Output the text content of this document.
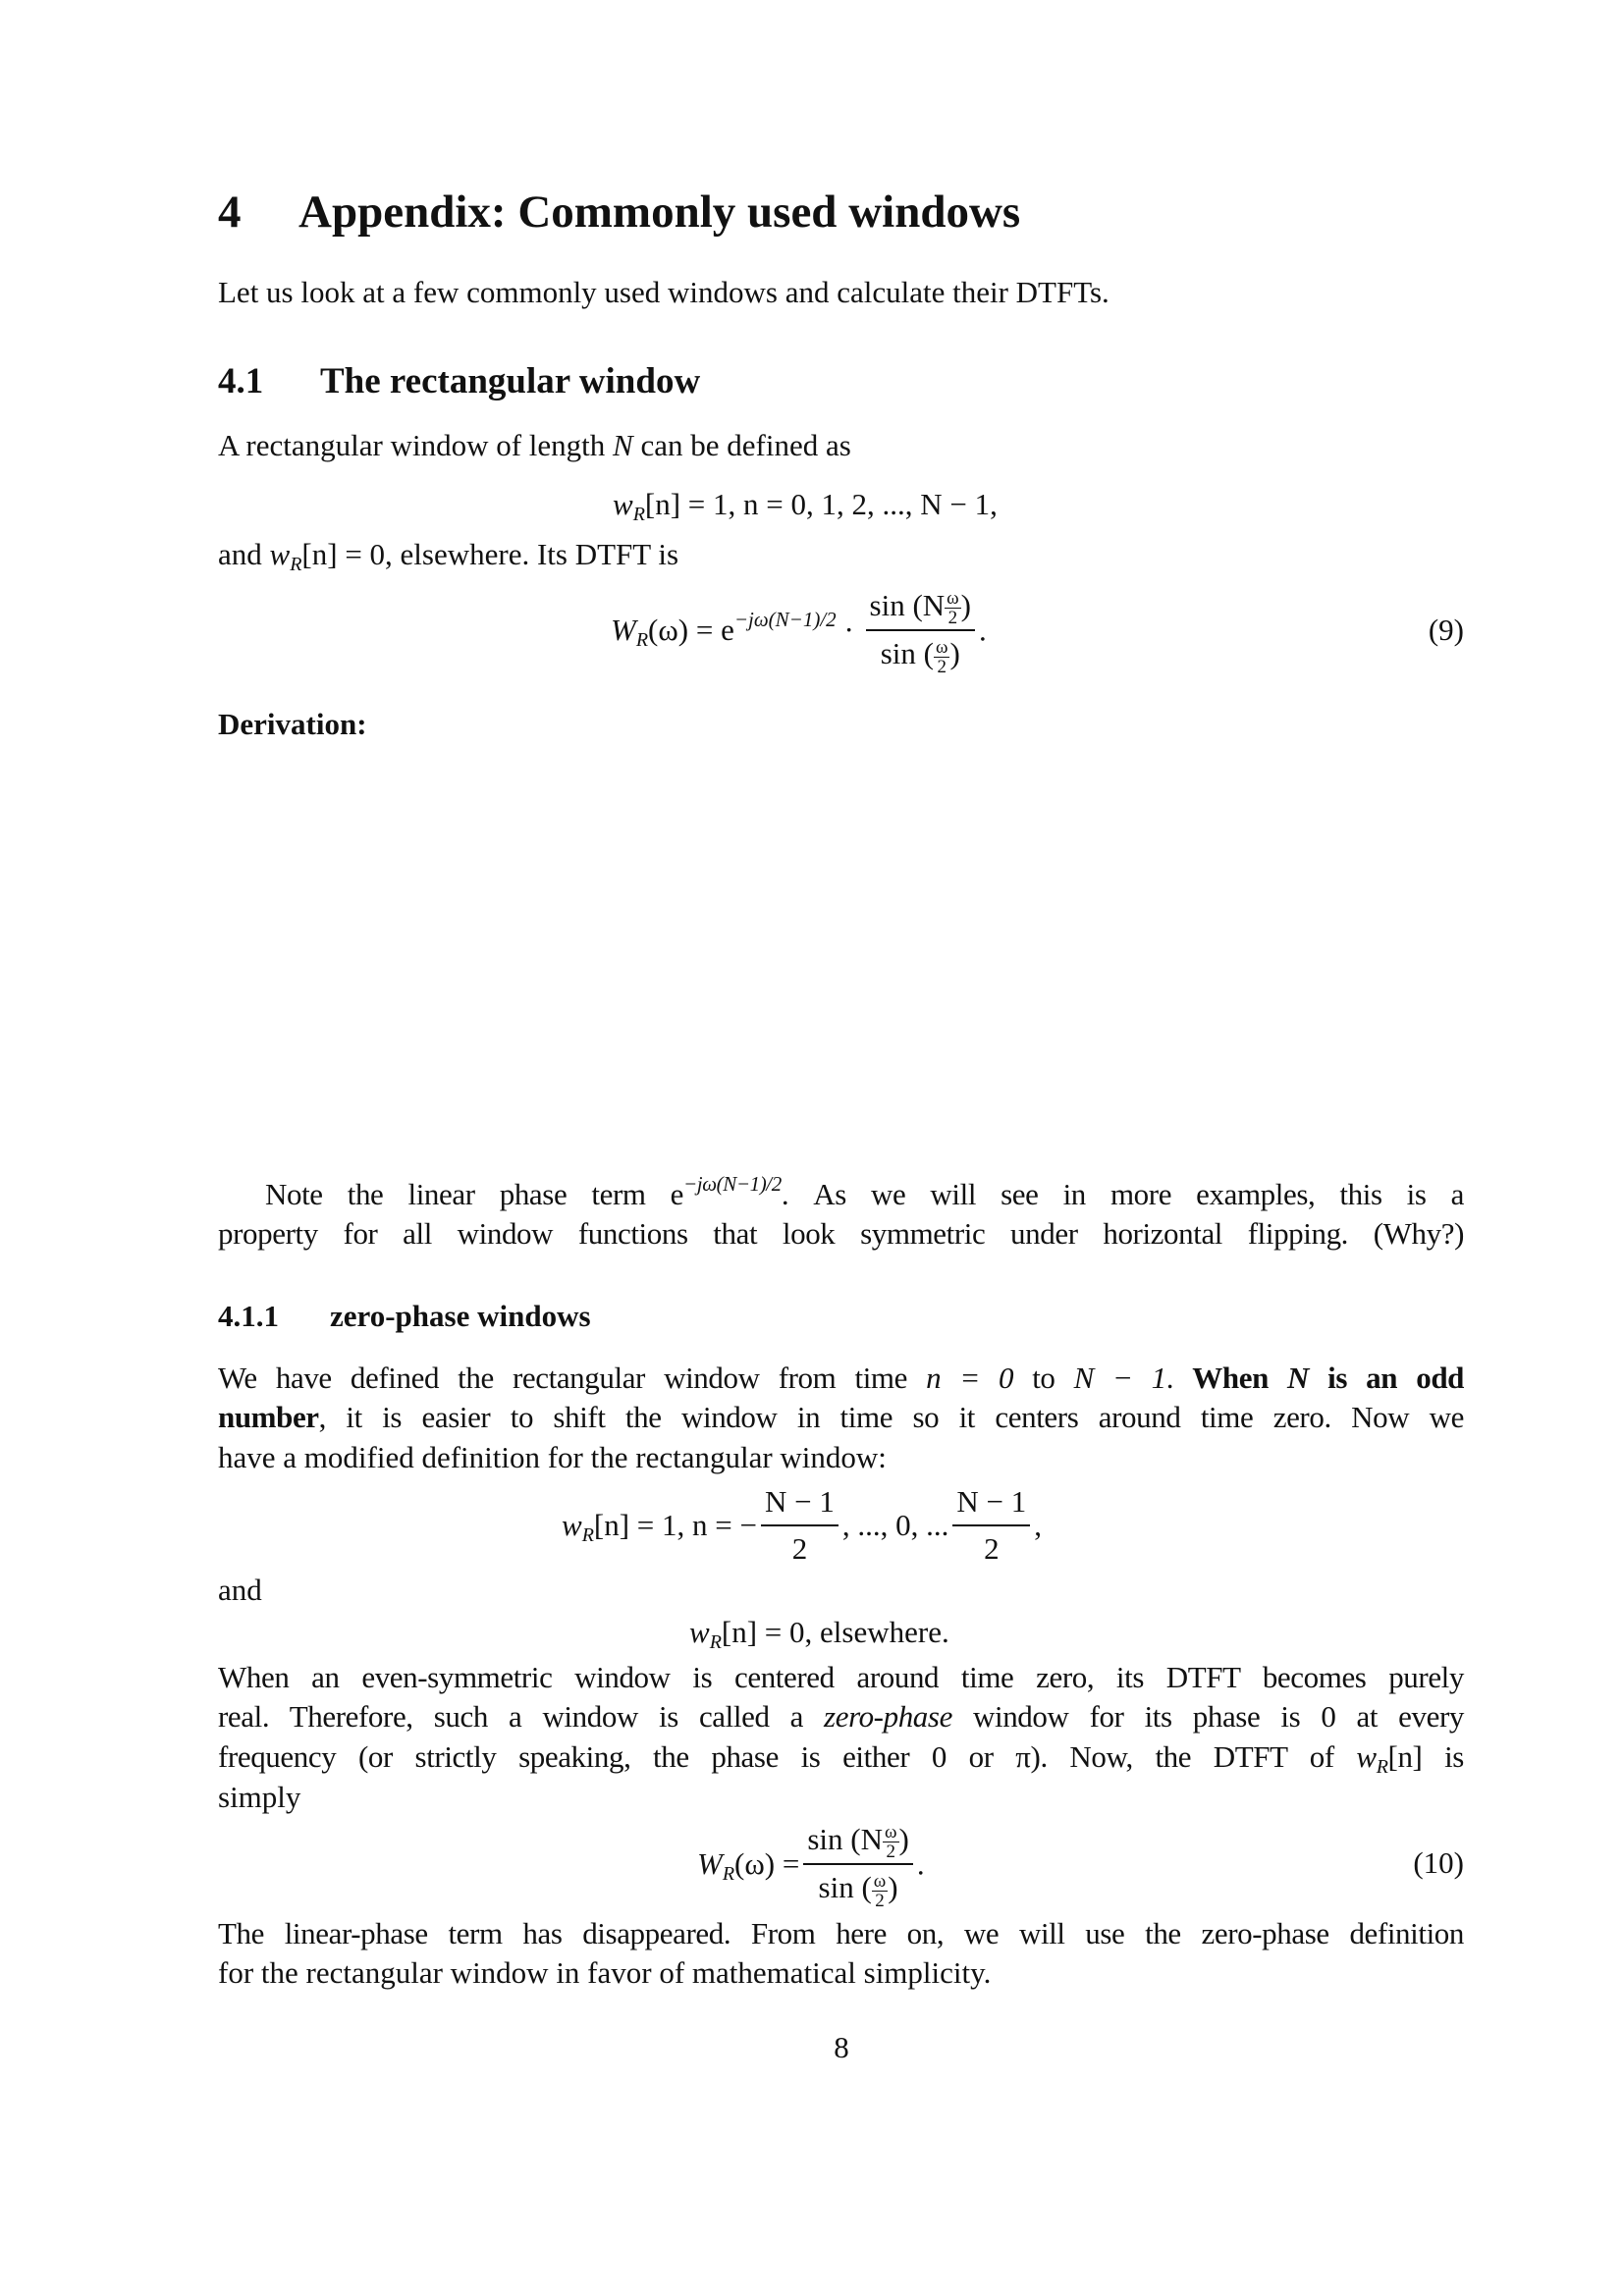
4 Appendix: Commonly used windows
Let us look at a few commonly used windows and calculate their DTFTs.
4.1 The rectangular window
A rectangular window of length N can be defined as
$w_R[n] = 1$, n = 0, 1, 2, ..., N − 1,
and $w_R[n] = 0$, elsewhere. Its DTFT is
$W_R(\omega) = e^{-j\omega(N-1)/2} \cdot \frac{\sin (N \frac{\omega}{2} )}{\sin ( \frac{\omega}{2} )}$ .	(9)
Derivation:
Note the linear phase term $e^{-j\omega(N-1)/2}$. As we will see in more examples, this is a
property for all window functions that look symmetric under horizontal flipping. (Why?)
4.1.1 zero-phase windows
We have defined the rectangular window from time n = 0 to N − 1. When N is an odd
number, it is easier to shift the window in time so it centers around time zero. Now we
have a modified definition for the rectangular window:
$w_R[n] = 1$, n = − $\frac{N - 1}{2}$ , ..., 0, ... $\frac{N - 1}{2}$ ,
and
$w_R[n] = 0$, elsewhere.
When an even-symmetric window is centered around time zero, its DTFT becomes purely
real. Therefore, such a window is called a zero-phase window for its phase is 0 at every
frequency (or strictly speaking, the phase is either 0 or π). Now, the DTFT of $w_R[n]$ is
simply
$W_R(\omega) = \frac{\sin (N \frac{\omega}{2} )}{\sin ( \frac{\omega}{2} )}$ .	(10)
The linear-phase term has disappeared. From here on, we will use the zero-phase definition
for the rectangular window in favor of mathematical simplicity.
8
